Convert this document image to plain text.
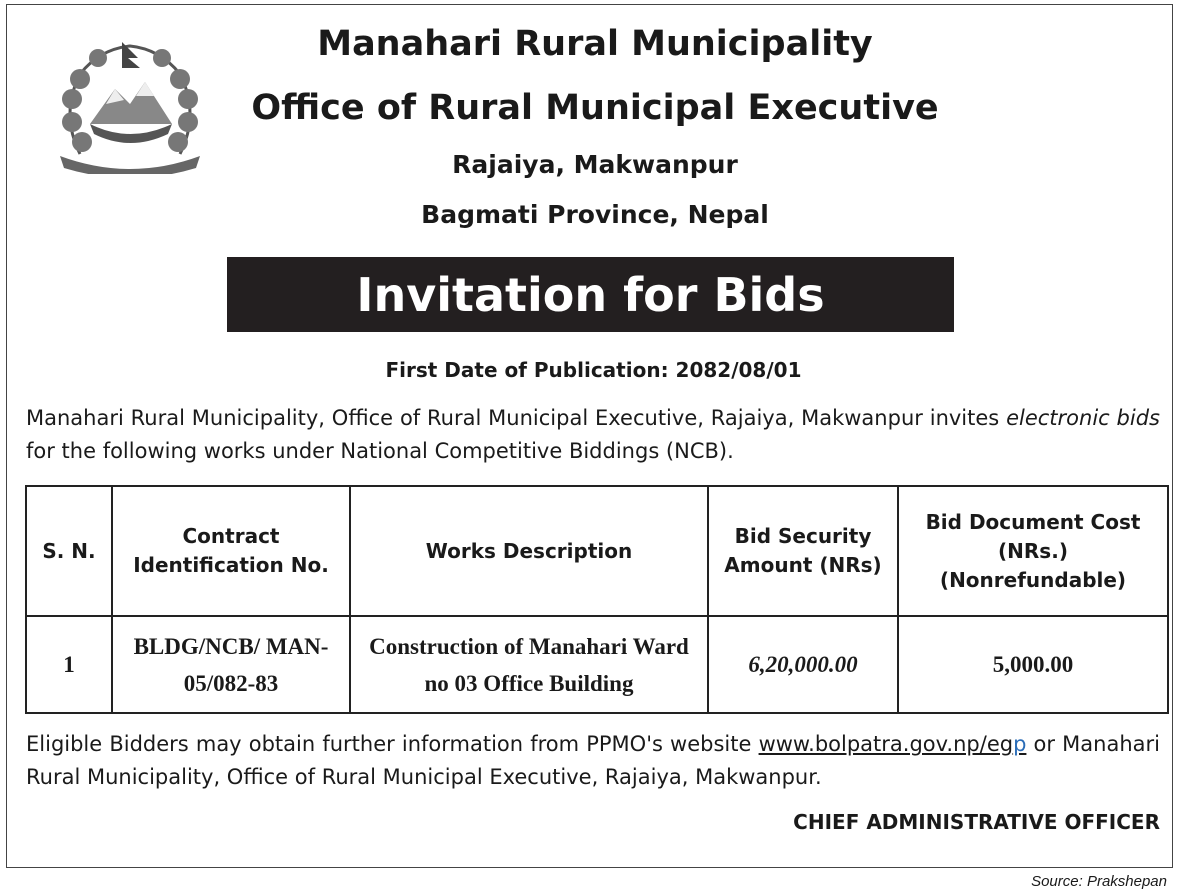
Manahari Rural Municipality
Office of Rural Municipal Executive
Rajaiya, Makwanpur
Bagmati Province, Nepal
Invitation for Bids
First Date of Publication: 2082/08/01
Manahari Rural Municipality, Office of Rural Municipal Executive, Rajaiya, Makwanpur invites electronic bids for the following works under National Competitive Biddings (NCB).
S. N.	Contract Identification No.	Works Description	Bid Security Amount (NRs)	Bid Document Cost (NRs.) (Nonrefundable)
1	BLDG/NCB/ MAN-05/082-83	Construction of Manahari Ward no 03 Office Building	6,20,000.00	5,000.00
Eligible Bidders may obtain further information from PPMO's website www.bolpatra.gov.np/egp or Manahari Rural Municipality, Office of Rural Municipal Executive, Rajaiya, Makwanpur.
CHIEF ADMINISTRATIVE OFFICER
Source: Prakshepan
